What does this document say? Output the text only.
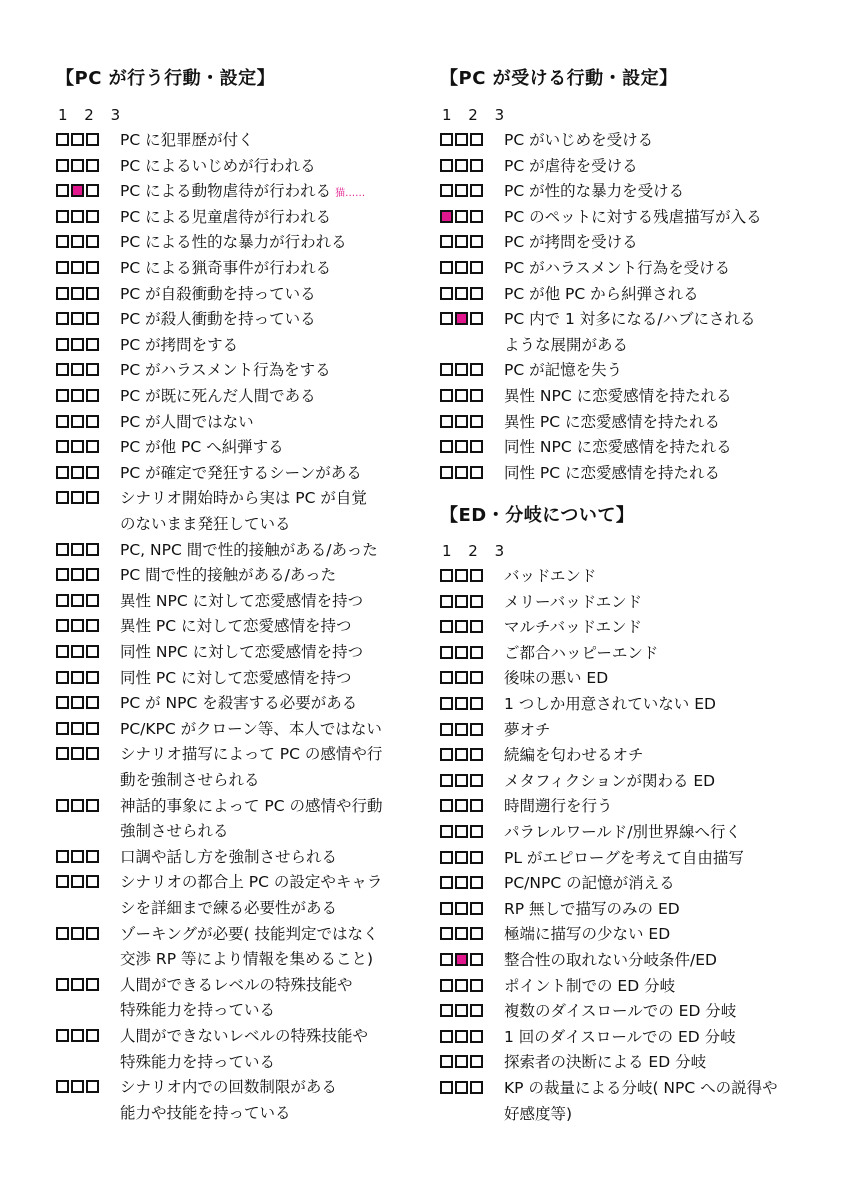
【PC が行う行動・設定】
1 2 3
PC に犯罪歴が付く
PC によるいじめが行われる
PC による動物虐待が行われる 猫……
PC による児童虐待が行われる
PC による性的な暴力が行われる
PC による猟奇事件が行われる
PC が自殺衝動を持っている
PC が殺人衝動を持っている
PC が拷問をする
PC がハラスメント行為をする
PC が既に死んだ人間である
PC が人間ではない
PC が他 PC へ糾弾する
PC が確定で発狂するシーンがある
シナリオ開始時から実は PC が自覚
のないまま発狂している
PC, NPC 間で性的接触がある/あった
PC 間で性的接触がある/あった
異性 NPC に対して恋愛感情を持つ
異性 PC に対して恋愛感情を持つ
同性 NPC に対して恋愛感情を持つ
同性 PC に対して恋愛感情を持つ
PC が NPC を殺害する必要がある
PC/KPC がクローン等、本人ではない
シナリオ描写によって PC の感情や行
動を強制させられる
神話的事象によって PC の感情や行動
強制させられる
口調や話し方を強制させられる
シナリオの都合上 PC の設定やキャラ
シを詳細まで練る必要性がある
ゾーキングが必要( 技能判定ではなく
交渉 RP 等により情報を集めること)
人間ができるレベルの特殊技能や
特殊能力を持っている
人間ができないレベルの特殊技能や
特殊能力を持っている
シナリオ内での回数制限がある
能力や技能を持っている
【PC が受ける行動・設定】
1 2 3
PC がいじめを受ける
PC が虐待を受ける
PC が性的な暴力を受ける
PC のペットに対する残虐描写が入る
PC が拷問を受ける
PC がハラスメント行為を受ける
PC が他 PC から糾弾される
PC 内で 1 対多になる/ハブにされる
ような展開がある
PC が記憶を失う
異性 NPC に恋愛感情を持たれる
異性 PC に恋愛感情を持たれる
同性 NPC に恋愛感情を持たれる
同性 PC に恋愛感情を持たれる
【ED・分岐について】
1 2 3
バッドエンド
メリーバッドエンド
マルチバッドエンド
ご都合ハッピーエンド
後味の悪い ED
1 つしか用意されていない ED
夢オチ
続編を匂わせるオチ
メタフィクションが関わる ED
時間遡行を行う
パラレルワールド/別世界線へ行く
PL がエピローグを考えて自由描写
PC/NPC の記憶が消える
RP 無しで描写のみの ED
極端に描写の少ない ED
整合性の取れない分岐条件/ED
ポイント制での ED 分岐
複数のダイスロールでの ED 分岐
1 回のダイスロールでの ED 分岐
探索者の決断による ED 分岐
KP の裁量による分岐( NPC への説得や
好感度等)
